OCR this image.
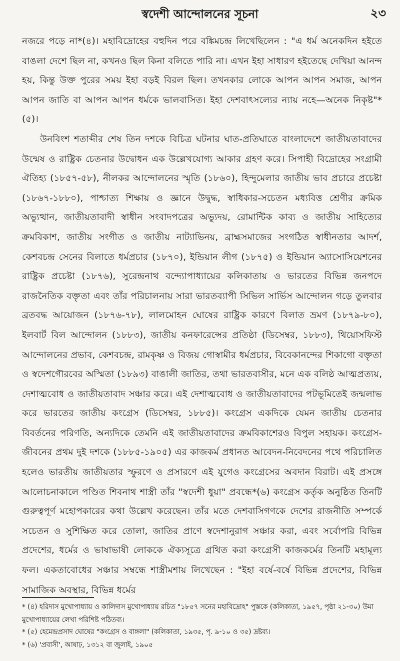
স্বদেশী আন্দোলনের সূচনা	২৩

নজরে পড়ে না*(৪)। মহাবিদ্রোহের বহুদিন পরে বঙ্কিমচন্দ্র লিখেছিলেন : "এ ধর্ম অনেকদিন হইতে বাঙলা দেশে ছিল না, কখনও ছিল কিনা বলিতে পারি না। এখন ইহা সাধারণ হইতেছে দেখিয়া আনন্দ হয়, কিন্তু উক্ত পুরের সময় ইহা বড়ই বিরল ছিল। তখনকার লোকে আপন আপন সমাজ, আপন আপন জাতি বা আপন আপন ধর্মকে ভালবাসিত। ইহা দেশবাৎসল্যের ন্যায় নহে—অনেক নিকৃষ্ট"*(৫)।

উনবিংশ শতাব্দীর শেষ তিন দশকে বিচিত্র ঘটনার ঘাত-প্রতিঘাতে বাংলাদেশে জাতীয়তাবাদের উন্মেষ ও রাষ্ট্রিক চেতনার উদ্বোধন এক উল্লেখযোগ্য আকার গ্রহণ করে। সিপাহী বিদ্রোহের সংগ্রামী ঐতিহ্য (১৮৫৭-৫৮), নীলকর আন্দোলনের স্মৃতি (১৮৬০), হিন্দুমেলার জাতীয় ভাব প্রচারে প্রচেষ্টা (১৮৬৭-১৮৮০), পাশ্চাত্য শিক্ষায় ও জ্ঞানে উদ্বুদ্ধ, স্বাধিকার-সচেতন মধ্যবিত্ত শ্রেণীর ক্রমিক অভ্যুত্থান, জাতীয়তাবাদী স্বাধীন সংবাদপত্রের অভ্যুদয়, রোমান্টিক কাব্য ও জাতীয় সাহিত্যের ক্রমবিকাশ, জাতীয় সংগীত ও জাতীয় নাট্যাভিনয়, ব্রাহ্মসমাজের সংগঠিত স্বাধীনতার আদর্শ, কেশবচন্দ্র সেনের বিলাতে ধর্মপ্রচার (১৮৭০), ইন্ডিয়ান লীগ (১৮৭৫) ও ইন্ডিয়ান অ্যাসোসিয়েশনের রাষ্ট্রিক প্রচেষ্টা (১৮৭৬), সুরেন্দ্রনাথ বন্দ্যোপাধ্যায়ের কলিকাতায় ও ভারতের বিভিন্ন জনপদে রাজনৈতিক বক্তৃতা এবং তাঁর পরিচালনায় সারা ভারতব্যাপী সিভিল সার্ভিস আন্দোলন গড়ে তুলবার ব্রতবদ্ধ আয়োজন (১৮৭৬-৭৮), লালমোহন ঘোষের রাষ্ট্রিক কারণে বিলাত ভ্রমণ (১৮৭৯-৮০), ইলবার্ট বিল আন্দোলন (১৮৮৩), জাতীয় কনফারেন্সের প্রতিষ্ঠা (ডিসেম্বর, ১৮৮৩), থিয়োসফিস্ট আন্দোলনের প্রভাব, কেশবচন্দ্র, রামকৃষ্ণ ও বিজয় গোস্বামীর ধর্মপ্রচার, বিবেকানন্দের শিকাগো বক্তৃতা ও স্বদেশগৌরবের অস্মিতা (১৮৯৩) বাঙালী জাতির, তথা ভারতবাসীর, মনে এক বলিষ্ঠ আত্মপ্রত্যয়, দেশাত্মবোধ ও জাতীয়তাবাদ সঞ্চার করে। এই দেশাত্মবোধ ও জাতীয়তাবাদের পটভূমিতেই জন্মলাভ করে ভারতের জাতীয় কংগ্রেস (ডিসেম্বর, ১৮৮৫)। কংগ্রেস একদিকে যেমন জাতীয় চেতনার বিবর্তনের পরিণতি, অন্যদিকে তেমনি এই জাতীয়তাবাদের ক্রমবিকাশেরও বিপুল সহায়ক। কংগ্রেস-জীবনের প্রথম দুই দশকে (১৮৮৫-১৯০৫) এর কাজকর্ম প্রধানত আবেদন-নিবেদনের পথে পরিচালিত হলেও ভারতীয় জাতীয়তার স্ফুরণে ও প্রসারণে এই যুগেও কংগ্রেসের অবদান বিরাট। এই প্রসঙ্গে আলোচনাকালে পণ্ডিত শিবনাথ শাস্ত্রী তাঁর "স্বদেশী ধুয়া" প্রবন্ধে*(৬) কংগ্রেস কর্তৃক অনুষ্ঠিত তিনটি গুরুত্বপূর্ণ মহোপকারের কথা উল্লেখ করেছেন। তাঁর মতে দেশবাসিগণকে দেশের রাজনীতি সম্পর্কে সচেতন ও সুশিক্ষিত করে তোলা, জাতির প্রাণে স্বদেশানুরাগ সঞ্চার করা, এবং সর্বোপরি বিভিন্ন প্রদেশের, ধর্মের ও ভাষাভাষী লোককে ঐক্যসূত্রে গ্রথিত করা কংগ্রেসী কাজকর্মের তিনটি মহামূল্য ফল। একতাবোধের সঞ্চার সম্বন্ধে শাস্ত্রীমশায় লিখেছেন : "ইহা বর্ষে-বর্ষে বিভিন্ন প্রদেশের, বিভিন্ন সামাজিক অবস্থার, বিভিন্ন ধর্মের

* (৪) হরিদাস মুখোপাধ্যায় ও কালিদাস মুখোপাধ্যায় রচিত "১৮৫৭ সনের মহাবিদ্রোহ" পুস্তকে (কলিকাতা, ১৯৫৭, পৃষ্ঠা ২১-৩০) উমা মুখোপাধ্যায়ের লেখা পরিশিষ্ট পঠিতব্য।

* (৫) হেমেন্দ্রপ্রসাদ ঘোষের "কংগ্রেস ও বাঙ্গলা" (কলিকাতা, ১৯৩৫, পৃ. ৯-১০ ও ৩৫) দ্রষ্টব্য।

* (৬) 'প্রবাসী', আষাঢ়, ১৩১২ বা জুলাই, ১৯০৫
